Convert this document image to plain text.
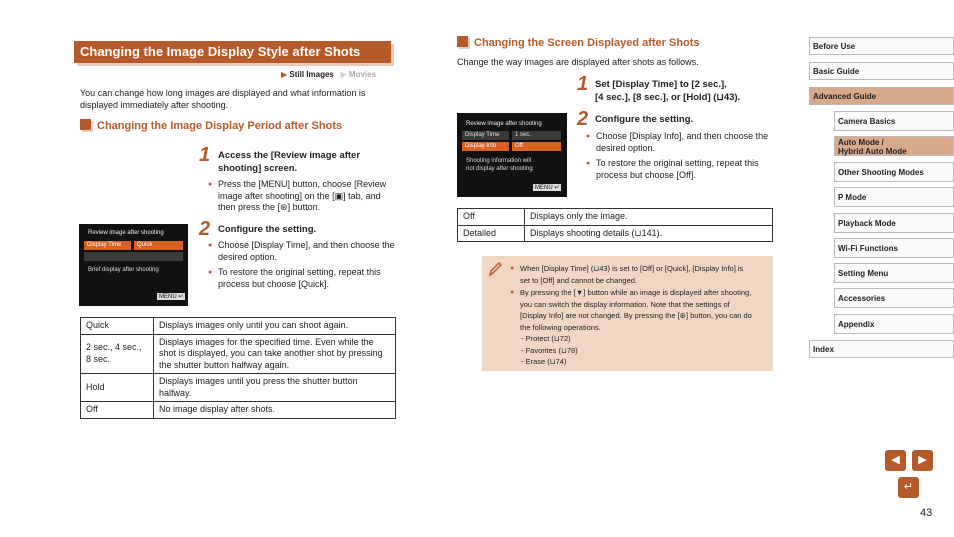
Changing the Image Display Style after Shots
▶ Still Images ▶ Movies
You can change how long images are displayed and what information is displayed immediately after shooting.
Changing the Image Display Period after Shots
1 Access the [Review image after
shooting] screen.
● Press the [MENU] button, choose [Review image after shooting] on the [▣] tab, and then press the [⊛] button.
Review image after shooting
Display Time	Quick
Brief display after shooting
MENU ↵
2 Configure the setting.
● Choose [Display Time], and then choose the desired option.
● To restore the original setting, repeat this process but choose [Quick].
Quick	Displays images only until you can shoot again.
2 sec., 4 sec., 8 sec.	Displays images for the specified time. Even while the shot is displayed, you can take another shot by pressing the shutter button halfway again.
Hold	Displays images until you press the shutter button halfway.
Off	No image display after shots.
Changing the Screen Displayed after Shots
Change the way images are displayed after shots as follows.
1 Set [Display Time] to [2 sec.],
[4 sec.], [8 sec.], or [Hold] (⊔43).
Review image after shooting
Display Time	1 sec.
Display Info	Off
Shooting information will
not display after shooting
MENU ↵
2 Configure the setting.
● Choose [Display Info], and then choose the desired option.
● To restore the original setting, repeat this process but choose [Off].
Off	Displays only the image.
Detailed	Displays shooting details (⊔141).
● When [Display Time] (⊔43) is set to [Off] or [Quick], [Display Info] is set to [Off] and cannot be changed.
● By pressing the [▼] button while an image is displayed after shooting, you can switch the display information. Note that the settings of [Display Info] are not changed. By pressing the [⊛] button, you can do the following operations.
- Protect (⊔72)
- Favorites (⊔78)
- Erase (⊔74)
Before Use
Basic Guide
Advanced Guide
Camera Basics
Auto Mode /
Hybrid Auto Mode
Other Shooting Modes
P Mode
Playback Mode
Wi-Fi Functions
Setting Menu
Accessories
Appendix
Index
◀	▶
↵
43
